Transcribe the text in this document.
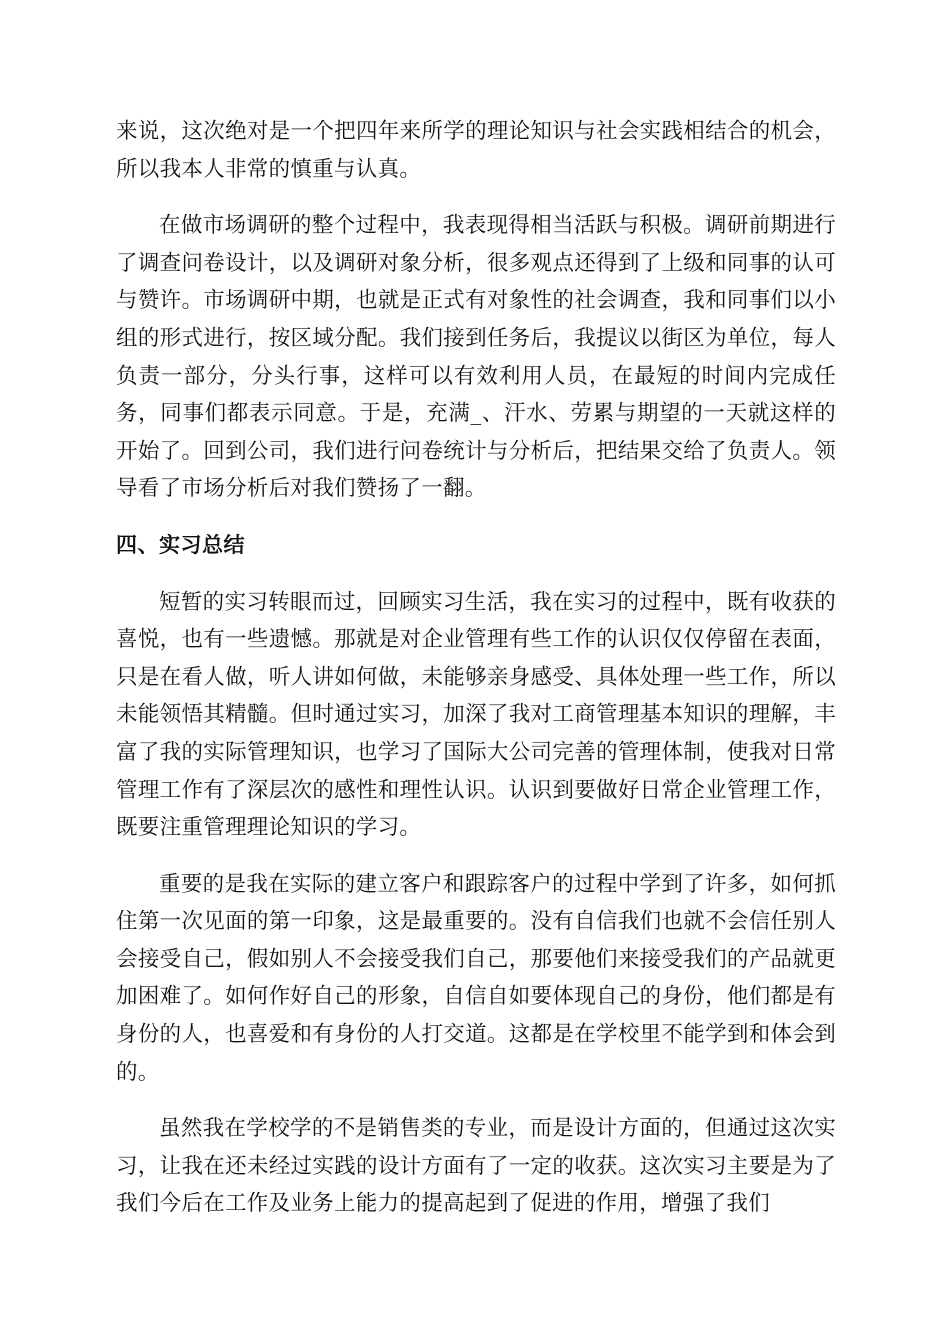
来说，这次绝对是一个把四年来所学的理论知识与社会实践相结合的机会，所以我本人非常的慎重与认真。

在做市场调研的整个过程中，我表现得相当活跃与积极。调研前期进行了调查问卷设计，以及调研对象分析，很多观点还得到了上级和同事的认可与赞许。市场调研中期，也就是正式有对象性的社会调查，我和同事们以小组的形式进行，按区域分配。我们接到任务后，我提议以街区为单位，每人负责一部分，分头行事，这样可以有效利用人员，在最短的时间内完成任务，同事们都表示同意。于是，充满_、汗水、劳累与期望的一天就这样的开始了。回到公司，我们进行问卷统计与分析后，把结果交给了负责人。领导看了市场分析后对我们赞扬了一翻。

四、实习总结

短暂的实习转眼而过，回顾实习生活，我在实习的过程中，既有收获的喜悦，也有一些遗憾。那就是对企业管理有些工作的认识仅仅停留在表面，只是在看人做，听人讲如何做，未能够亲身感受、具体处理一些工作，所以未能领悟其精髓。但时通过实习，加深了我对工商管理基本知识的理解，丰富了我的实际管理知识，也学习了国际大公司完善的管理体制，使我对日常管理工作有了深层次的感性和理性认识。认识到要做好日常企业管理工作，既要注重管理理论知识的学习。

重要的是我在实际的建立客户和跟踪客户的过程中学到了许多，如何抓住第一次见面的第一印象，这是最重要的。没有自信我们也就不会信任别人会接受自己，假如别人不会接受我们自己，那要他们来接受我们的产品就更加困难了。如何作好自己的形象，自信自如要体现自己的身份，他们都是有身份的人，也喜爱和有身份的人打交道。这都是在学校里不能学到和体会到的。

虽然我在学校学的不是销售类的专业，而是设计方面的，但通过这次实习，让我在还未经过实践的设计方面有了一定的收获。这次实习主要是为了我们今后在工作及业务上能力的提高起到了促进的作用，增强了我们
